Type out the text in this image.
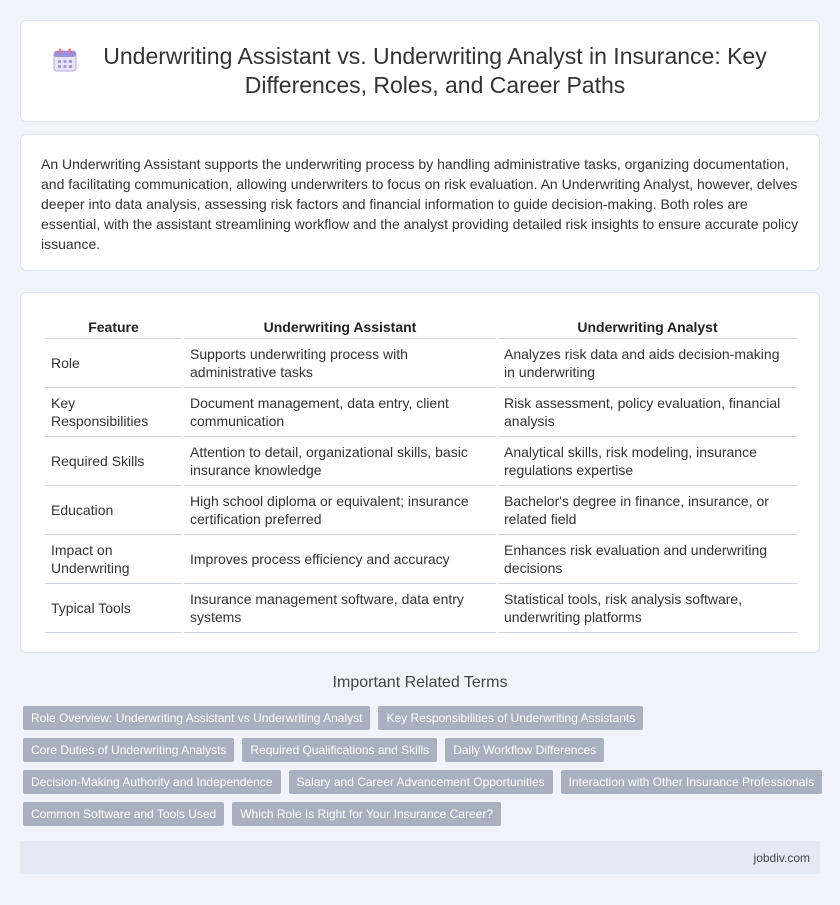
Underwriting Assistant vs. Underwriting Analyst in Insurance: Key Differences, Roles, and Career Paths

An Underwriting Assistant supports the underwriting process by handling administrative tasks, organizing documentation, and facilitating communication, allowing underwriters to focus on risk evaluation. An Underwriting Analyst, however, delves deeper into data analysis, assessing risk factors and financial information to guide decision-making. Both roles are essential, with the assistant streamlining workflow and the analyst providing detailed risk insights to ensure accurate policy issuance.

Feature	Underwriting Assistant	Underwriting Analyst
Role	Supports underwriting process with administrative tasks	Analyzes risk data and aids decision-making in underwriting
Key Responsibilities	Document management, data entry, client communication	Risk assessment, policy evaluation, financial analysis
Required Skills	Attention to detail, organizational skills, basic insurance knowledge	Analytical skills, risk modeling, insurance regulations expertise
Education	High school diploma or equivalent; insurance certification preferred	Bachelor's degree in finance, insurance, or related field
Impact on Underwriting	Improves process efficiency and accuracy	Enhances risk evaluation and underwriting decisions
Typical Tools	Insurance management software, data entry systems	Statistical tools, risk analysis software, underwriting platforms
Important Related Terms
Role Overview: Underwriting Assistant vs Underwriting Analyst	Key Responsibilities of Underwriting Assistants
Core Duties of Underwriting Analysts	Required Qualifications and Skills	Daily Workflow Differences
Decision-Making Authority and Independence	Salary and Career Advancement Opportunities	Interaction with Other Insurance Professionals
Common Software and Tools Used	Which Role Is Right for Your Insurance Career?
jobdiv.com
